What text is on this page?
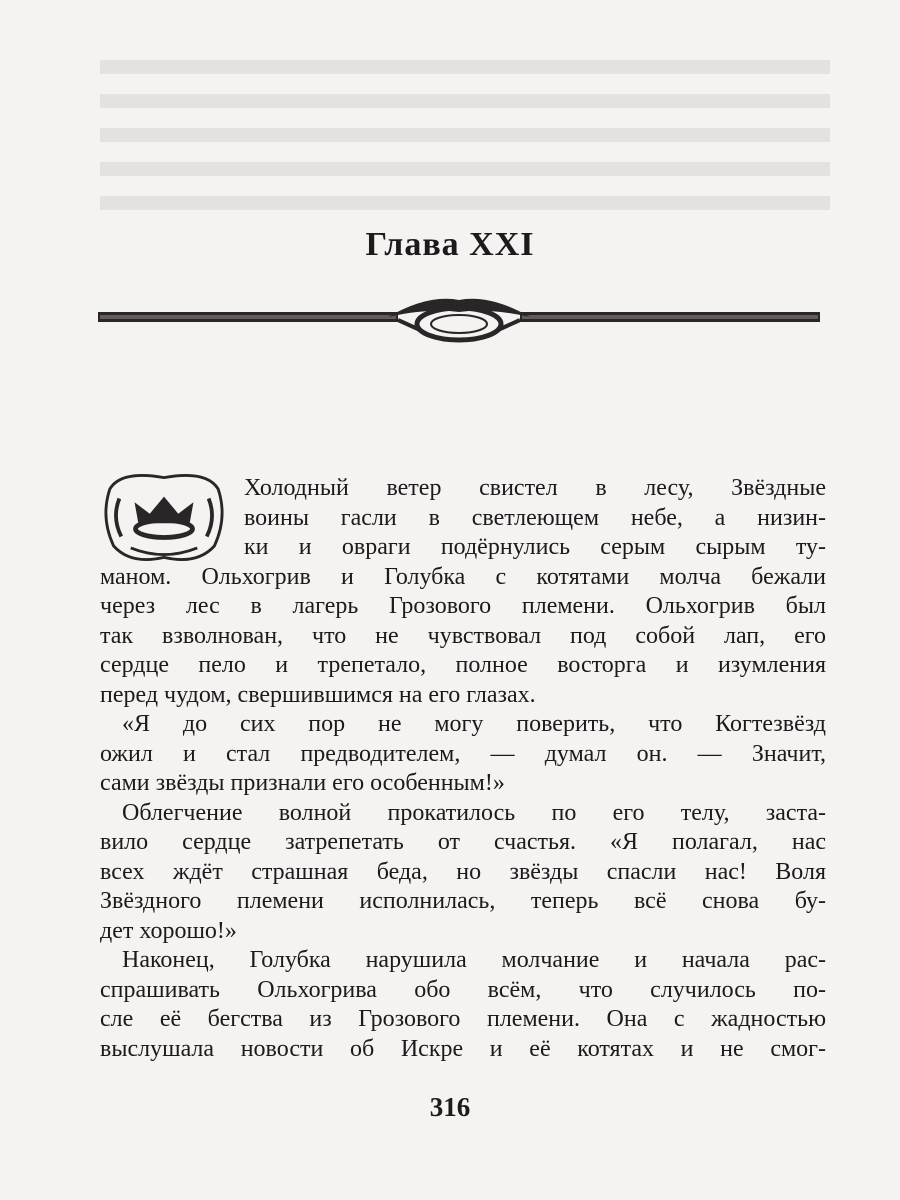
Глава XXI
Холодный ветер свистел в лесу, Звёздные
воины гасли в светлеющем небе, а низин-
ки и овраги подёрнулись серым сырым ту-
маном. Ольхогрив и Голубка с котятами молча бежали
через лес в лагерь Грозового племени. Ольхогрив был
так взволнован, что не чувствовал под собой лап, его
сердце пело и трепетало, полное восторга и изумления
перед чудом, свершившимся на его глазах.
«Я до сих пор не могу поверить, что Когтезвёзд
ожил и стал предводителем, — думал он. — Значит,
сами звёзды признали его особенным!»
Облегчение волной прокатилось по его телу, заста-
вило сердце затрепетать от счастья. «Я полагал, нас
всех ждёт страшная беда, но звёзды спасли нас! Воля
Звёздного племени исполнилась, теперь всё снова бу-
дет хорошо!»
Наконец, Голубка нарушила молчание и начала рас-
спрашивать Ольхогрива обо всём, что случилось по-
сле её бегства из Грозового племени. Она с жадностью
выслушала новости об Искре и её котятах и не смог-
316
